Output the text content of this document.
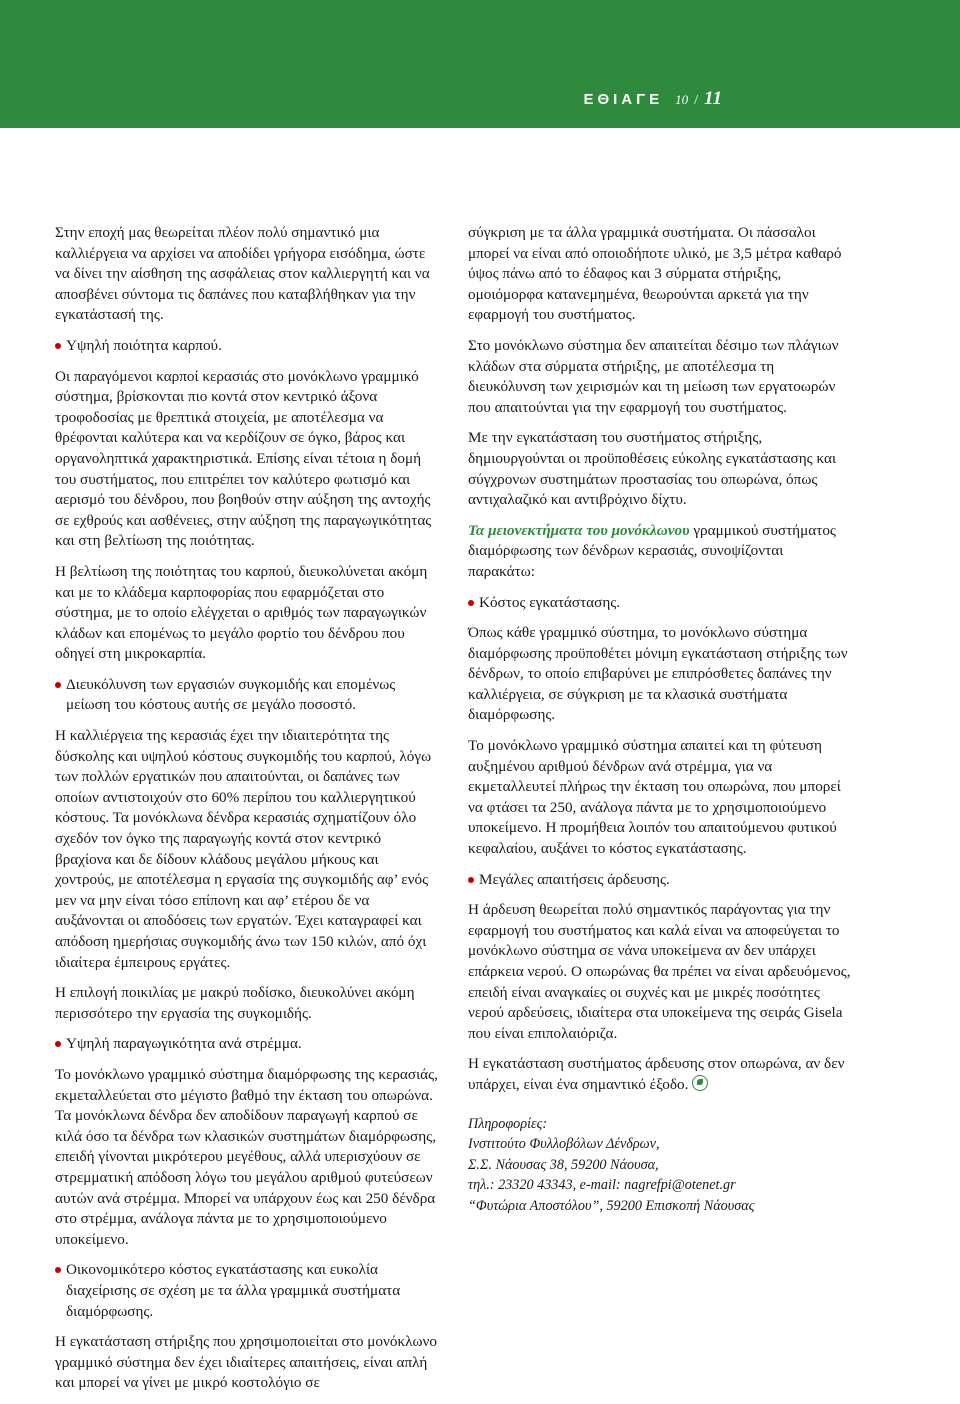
ΕΘΙΑΓΕ 10 / 11

Στην εποχή μας θεωρείται πλέον πολύ σημαντικό μια καλλιέργεια να αρχίσει να αποδίδει γρήγορα εισόδημα, ώστε να δίνει την αίσθηση της ασφάλειας στον καλλιεργητή και να αποσβένει σύντομα τις δαπάνες που καταβλήθηκαν για την εγκατάστασή της.

Υψηλή ποιότητα καρπού.

Οι παραγόμενοι καρποί κερασιάς στο μονόκλωνο γραμμικό σύστημα, βρίσκονται πιο κοντά στον κεντρικό άξονα τροφοδοσίας με θρεπτικά στοιχεία, με αποτέλεσμα να θρέφονται καλύτερα και να κερδίζουν σε όγκο, βάρος και οργανοληπτικά χαρακτηριστικά. Επίσης είναι τέτοια η δομή του συστήματος, που επιτρέπει τον καλύτερο φωτισμό και αερισμό του δένδρου, που βοηθούν στην αύξηση της αντοχής σε εχθρούς και ασθένειες, στην αύξηση της παραγωγικότητας και στη βελτίωση της ποιότητας.

Η βελτίωση της ποιότητας του καρπού, διευκολύνεται ακόμη και με το κλάδεμα καρποφορίας που εφαρμόζεται στο σύστημα, με το οποίο ελέγχεται ο αριθμός των παραγωγικών κλάδων και επομένως το μεγάλο φορτίο του δένδρου που οδηγεί στη μικροκαρπία.

Διευκόλυνση των εργασιών συγκομιδής και επομένως μείωση του κόστους αυτής σε μεγάλο ποσοστό.

Η καλλιέργεια της κερασιάς έχει την ιδιαιτερότητα της δύσκολης και υψηλού κόστους συγκομιδής του καρπού, λόγω των πολλών εργατικών που απαιτούνται, οι δαπάνες των οποίων αντιστοιχούν στο 60% περίπου του καλλιεργητικού κόστους. Τα μονόκλωνα δένδρα κερασιάς σχηματίζουν όλο σχεδόν τον όγκο της παραγωγής κοντά στον κεντρικό βραχίονα και δε δίδουν κλάδους μεγάλου μήκους και χοντρούς, με αποτέλεσμα η εργασία της συγκομιδής αφ’ ενός μεν να μην είναι τόσο επίπονη και αφ’ ετέρου δε να αυξάνονται οι αποδόσεις των εργατών. Έχει καταγραφεί και απόδοση ημερήσιας συγκομιδής άνω των 150 κιλών, από όχι ιδιαίτερα έμπειρους εργάτες.

Η επιλογή ποικιλίας με μακρύ ποδίσκο, διευκολύνει ακόμη περισσότερο την εργασία της συγκομιδής.

Υψηλή παραγωγικότητα ανά στρέμμα.

Το μονόκλωνο γραμμικό σύστημα διαμόρφωσης της κερασιάς, εκμεταλλεύεται στο μέγιστο βαθμό την έκταση του οπωρώνα. Τα μονόκλωνα δένδρα δεν αποδίδουν παραγωγή καρπού σε κιλά όσο τα δένδρα των κλασικών συστημάτων διαμόρφωσης, επειδή γίνονται μικρότερου μεγέθους, αλλά υπερισχύουν σε στρεμματική απόδοση λόγω του μεγάλου αριθμού φυτεύσεων αυτών ανά στρέμμα. Μπορεί να υπάρχουν έως και 250 δένδρα στο στρέμμα, ανάλογα πάντα με το χρησιμοποιούμενο υποκείμενο.

Οικονομικότερο κόστος εγκατάστασης και ευκολία διαχείρισης σε σχέση με τα άλλα γραμμικά συστήματα διαμόρφωσης.

Η εγκατάσταση στήριξης που χρησιμοποιείται στο μονόκλωνο γραμμικό σύστημα δεν έχει ιδιαίτερες απαιτήσεις, είναι απλή και μπορεί να γίνει με μικρό κοστολόγιο σε

σύγκριση με τα άλλα γραμμικά συστήματα. Οι πάσσαλοι μπορεί να είναι από οποιοδήποτε υλικό, με 3,5 μέτρα καθαρό ύψος πάνω από το έδαφος και 3 σύρματα στήριξης, ομοιόμορφα κατανεμημένα, θεωρούνται αρκετά για την εφαρμογή του συστήματος.

Στο μονόκλωνο σύστημα δεν απαιτείται δέσιμο των πλάγιων κλάδων στα σύρματα στήριξης, με αποτέλεσμα τη διευκόλυνση των χειρισμών και τη μείωση των εργατοωρών που απαιτούνται για την εφαρμογή του συστήματος.

Με την εγκατάσταση του συστήματος στήριξης, δημιουργούνται οι προϋποθέσεις εύκολης εγκατάστασης και σύγχρονων συστημάτων προστασίας του οπωρώνα, όπως αντιχαλαζικό και αντιβρόχινο δίχτυ.

Τα μειονεκτήματα του μονόκλωνου γραμμικού συστήματος διαμόρφωσης των δένδρων κερασιάς, συνοψίζονται παρακάτω:

Κόστος εγκατάστασης.

Όπως κάθε γραμμικό σύστημα, το μονόκλωνο σύστημα διαμόρφωσης προϋποθέτει μόνιμη εγκατάσταση στήριξης των δένδρων, το οποίο επιβαρύνει με επιπρόσθετες δαπάνες την καλλιέργεια, σε σύγκριση με τα κλασικά συστήματα διαμόρφωσης.

Το μονόκλωνο γραμμικό σύστημα απαιτεί και τη φύτευση αυξημένου αριθμού δένδρων ανά στρέμμα, για να εκμεταλλευτεί πλήρως την έκταση του οπωρώνα, που μπορεί να φτάσει τα 250, ανάλογα πάντα με το χρησιμοποιούμενο υποκείμενο. Η προμήθεια λοιπόν του απαιτούμενου φυτικού κεφαλαίου, αυξάνει το κόστος εγκατάστασης.

Μεγάλες απαιτήσεις άρδευσης.

Η άρδευση θεωρείται πολύ σημαντικός παράγοντας για την εφαρμογή του συστήματος και καλά είναι να αποφεύγεται το μονόκλωνο σύστημα σε νάνα υποκείμενα αν δεν υπάρχει επάρκεια νερού. Ο οπωρώνας θα πρέπει να είναι αρδευόμενος, επειδή είναι αναγκαίες οι συχνές και με μικρές ποσότητες νερού αρδεύσεις, ιδιαίτερα στα υποκείμενα της σειράς Gisela που είναι επιπολαιόριζα.

Η εγκατάσταση συστήματος άρδευσης στον οπωρώνα, αν δεν υπάρχει, είναι ένα σημαντικό έξοδο.

Πληροφορίες:
Ινστιτούτο Φυλλοβόλων Δένδρων,
Σ.Σ. Νάουσας 38, 59200 Νάουσα,
τηλ.: 23320 43343, e-mail: nagrefpi@otenet.gr
“Φυτώρια Αποστόλου”, 59200 Επισκοπή Νάουσας
